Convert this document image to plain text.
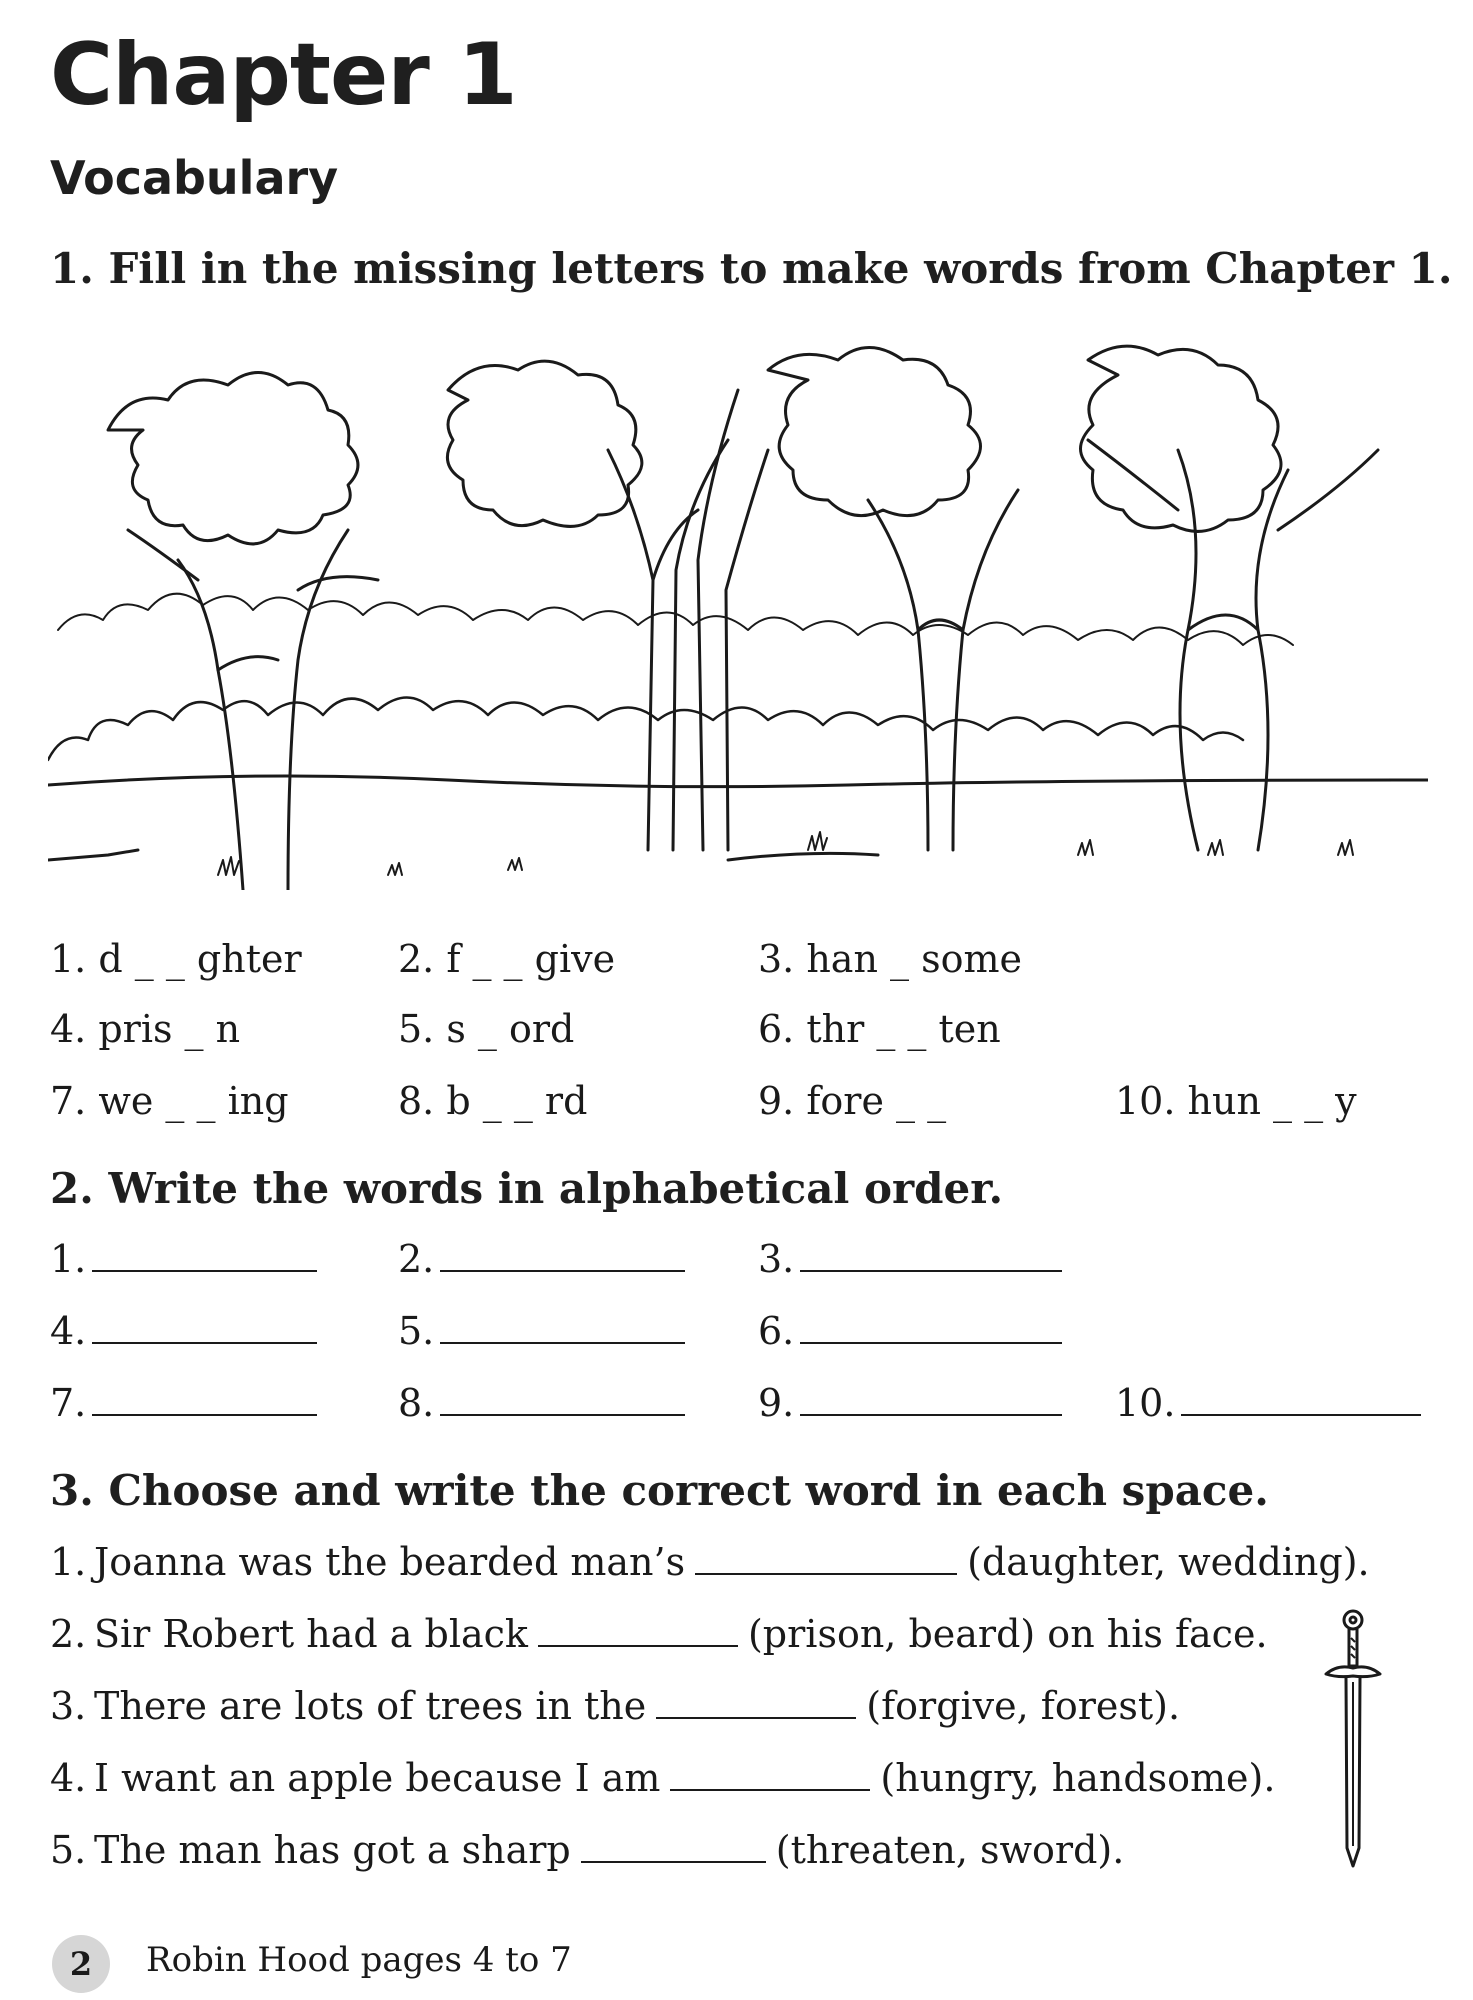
Chapter 1
Vocabulary
1. Fill in the missing letters to make words from Chapter 1.
1. d _ _ ghter	2. f _ _ give	3. han _ some
4. pris _ n	5. s _ ord	6. thr _ _ ten
7. we _ _ ing	8. b _ _ rd	9. fore _ _	10. hun _ _ y
2. Write the words in alphabetical order.
1.	2.	3.
4.	5.	6.
7.	8.	9.	10.
3. Choose and write the correct word in each space.
1. Joanna was the bearded man’s	(daughter, wedding).
2. Sir Robert had a black	(prison, beard) on his face.
3. There are lots of trees in the	(forgive, forest).
4. I want an apple because I am	(hungry, handsome).
5. The man has got a sharp	(threaten, sword).
2	Robin Hood pages 4 to 7
